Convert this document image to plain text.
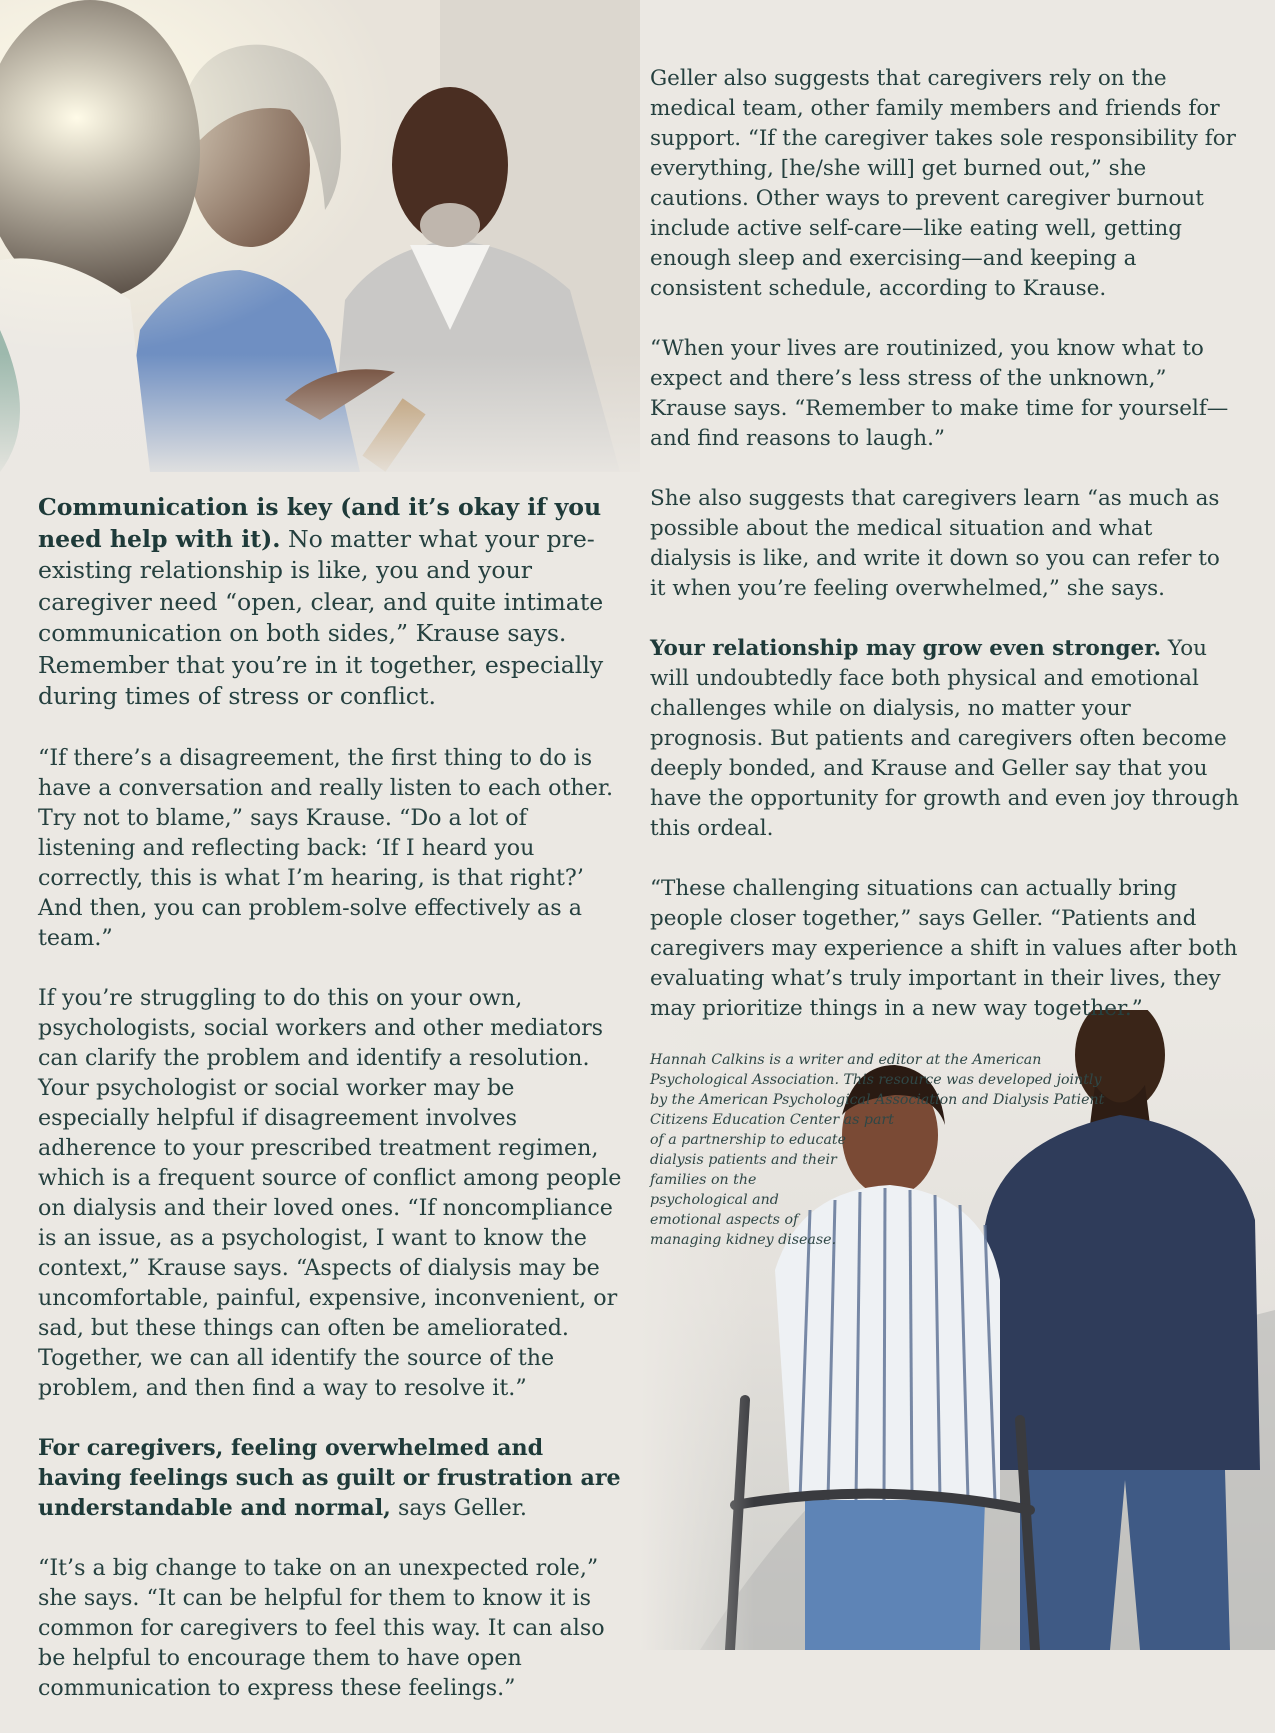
Communication is key (and it’s okay if you need help with it). No matter what your pre-existing relationship is like, you and your caregiver need “open, clear, and quite intimate communication on both sides,” Krause says. Remember that you’re in it together, especially during times of stress or conflict.

“If there’s a disagreement, the first thing to do is have a conversation and really listen to each other. Try not to blame,” says Krause. “Do a lot of listening and reflecting back: ‘If I heard you correctly, this is what I’m hearing, is that right?’ And then, you can problem-solve effectively as a team.”

If you’re struggling to do this on your own, psychologists, social workers and other mediators can clarify the problem and identify a resolution. Your psychologist or social worker may be especially helpful if disagreement involves adherence to your prescribed treatment regimen, which is a frequent source of conflict among people on dialysis and their loved ones. “If noncompliance is an issue, as a psychologist, I want to know the context,” Krause says. “Aspects of dialysis may be uncomfortable, painful, expensive, inconvenient, or sad, but these things can often be ameliorated. Together, we can all identify the source of the problem, and then find a way to resolve it.”

For caregivers, feeling overwhelmed and having feelings such as guilt or frustration are understandable and normal, says Geller.

“It’s a big change to take on an unexpected role,” she says. “It can be helpful for them to know it is common for caregivers to feel this way. It can also be helpful to encourage them to have open communication to express these feelings.”

Geller also suggests that caregivers rely on the medical team, other family members and friends for support. “If the caregiver takes sole responsibility for everything, [he/she will] get burned out,” she cautions. Other ways to prevent caregiver burnout include active self-care—like eating well, getting enough sleep and exercising—and keeping a consistent schedule, according to Krause.

“When your lives are routinized, you know what to expect and there’s less stress of the unknown,” Krause says. “Remember to make time for yourself—and find reasons to laugh.”

She also suggests that caregivers learn “as much as possible about the medical situation and what dialysis is like, and write it down so you can refer to it when you’re feeling overwhelmed,” she says.

Your relationship may grow even stronger. You will undoubtedly face both physical and emotional challenges while on dialysis, no matter your prognosis. But patients and caregivers often become deeply bonded, and Krause and Geller say that you have the opportunity for growth and even joy through this ordeal.

“These challenging situations can actually bring people closer together,” says Geller. “Patients and caregivers may experience a shift in values after both evaluating what’s truly important in their lives, they may prioritize things in a new way together.”

Hannah Calkins is a writer and editor at the American Psychological Association. This resource was developed jointly by the American Psychological Association and Dialysis Patient Citizens Education Center as part
of a partnership to educate dialysis patients and their families on the psychological and emotional aspects of managing kidney disease.
